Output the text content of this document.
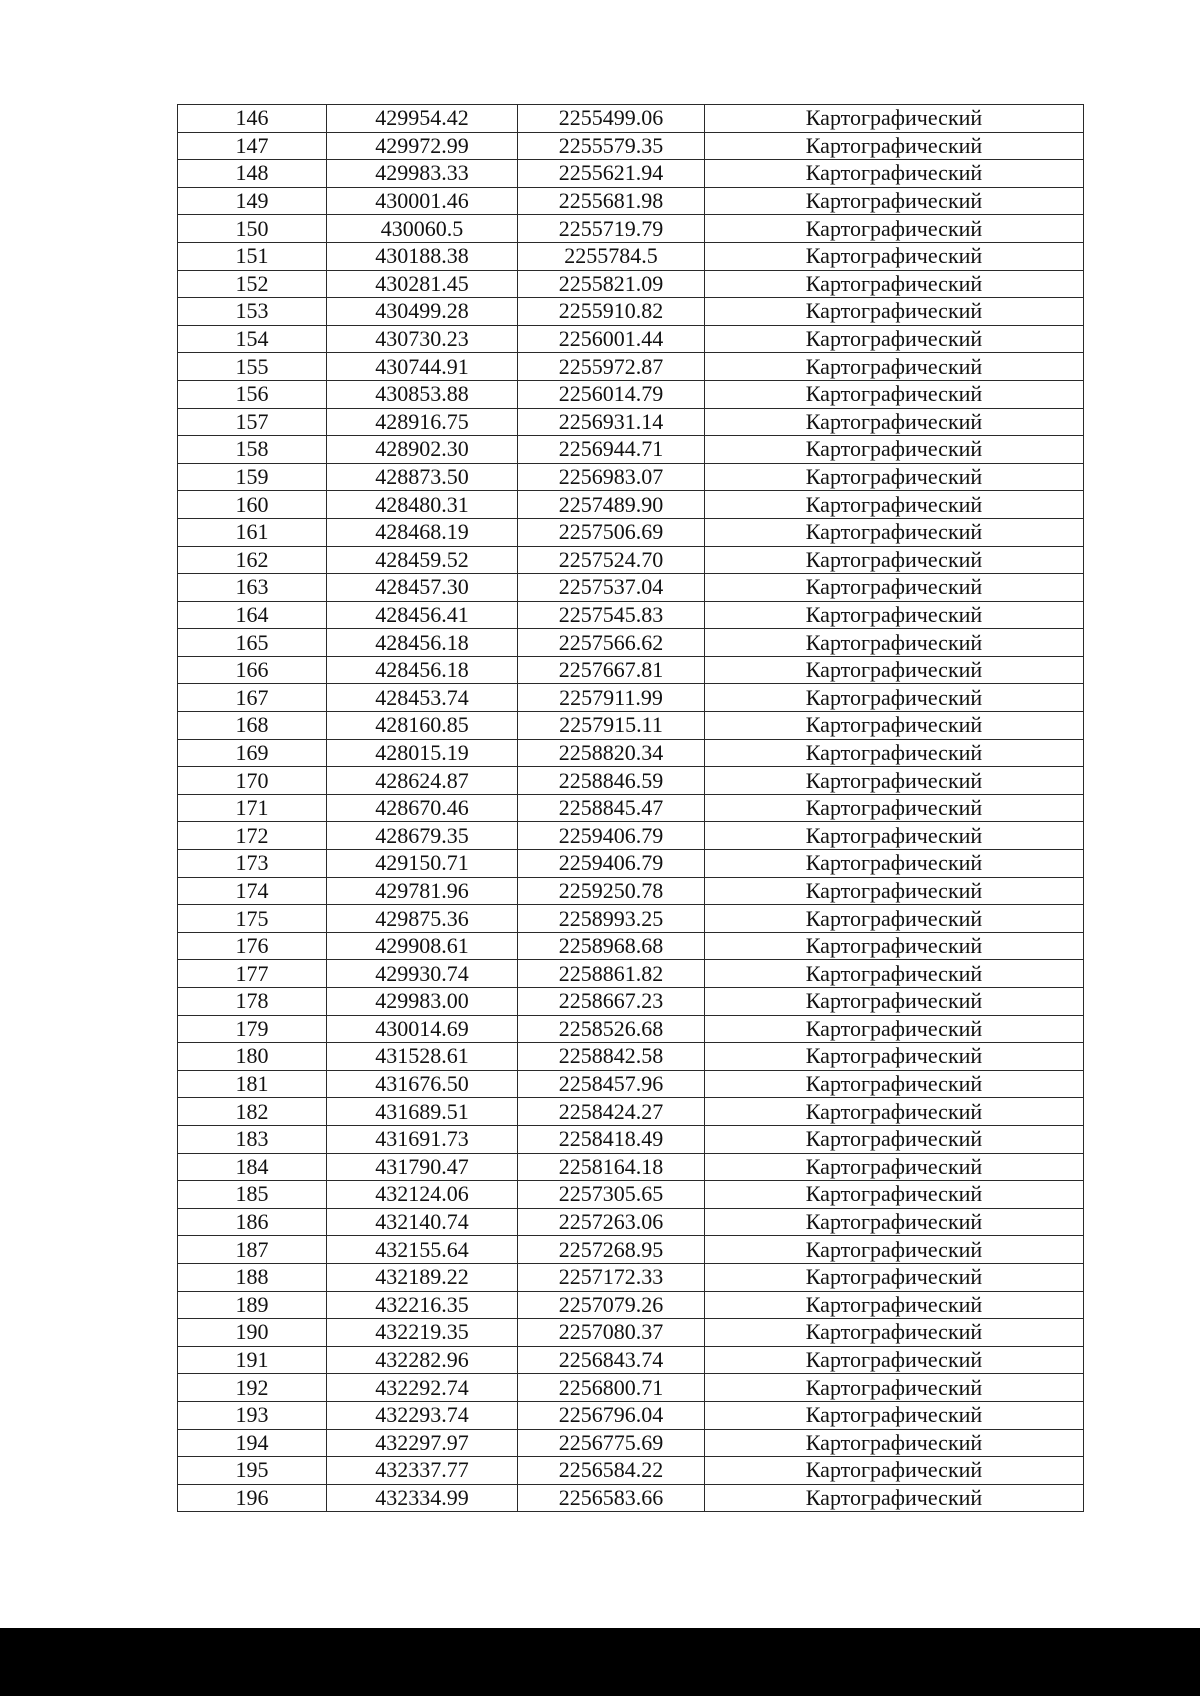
146	429954.42	2255499.06	Картографический
147	429972.99	2255579.35	Картографический
148	429983.33	2255621.94	Картографический
149	430001.46	2255681.98	Картографический
150	430060.5	2255719.79	Картографический
151	430188.38	2255784.5	Картографический
152	430281.45	2255821.09	Картографический
153	430499.28	2255910.82	Картографический
154	430730.23	2256001.44	Картографический
155	430744.91	2255972.87	Картографический
156	430853.88	2256014.79	Картографический
157	428916.75	2256931.14	Картографический
158	428902.30	2256944.71	Картографический
159	428873.50	2256983.07	Картографический
160	428480.31	2257489.90	Картографический
161	428468.19	2257506.69	Картографический
162	428459.52	2257524.70	Картографический
163	428457.30	2257537.04	Картографический
164	428456.41	2257545.83	Картографический
165	428456.18	2257566.62	Картографический
166	428456.18	2257667.81	Картографический
167	428453.74	2257911.99	Картографический
168	428160.85	2257915.11	Картографический
169	428015.19	2258820.34	Картографический
170	428624.87	2258846.59	Картографический
171	428670.46	2258845.47	Картографический
172	428679.35	2259406.79	Картографический
173	429150.71	2259406.79	Картографический
174	429781.96	2259250.78	Картографический
175	429875.36	2258993.25	Картографический
176	429908.61	2258968.68	Картографический
177	429930.74	2258861.82	Картографический
178	429983.00	2258667.23	Картографический
179	430014.69	2258526.68	Картографический
180	431528.61	2258842.58	Картографический
181	431676.50	2258457.96	Картографический
182	431689.51	2258424.27	Картографический
183	431691.73	2258418.49	Картографический
184	431790.47	2258164.18	Картографический
185	432124.06	2257305.65	Картографический
186	432140.74	2257263.06	Картографический
187	432155.64	2257268.95	Картографический
188	432189.22	2257172.33	Картографический
189	432216.35	2257079.26	Картографический
190	432219.35	2257080.37	Картографический
191	432282.96	2256843.74	Картографический
192	432292.74	2256800.71	Картографический
193	432293.74	2256796.04	Картографический
194	432297.97	2256775.69	Картографический
195	432337.77	2256584.22	Картографический
196	432334.99	2256583.66	Картографический
